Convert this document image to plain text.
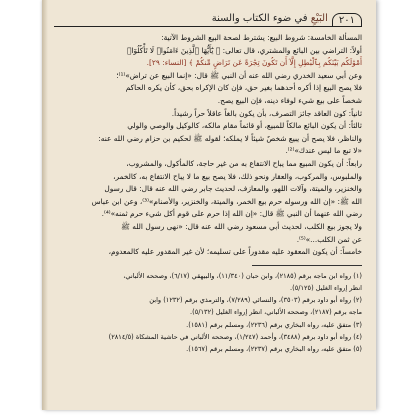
٢٠١
البَيْعِ في ضوء الكتاب والسنة

المسألة الخامسة: شروط البيع: يشترط لصحة البيع الشروط الآتية:

أولاً: التراضي بين البائع والمشتري، قال تعالى: ﴿ يَٰٓأَيُّهَا ٱلَّذِينَ ءَامَنُوا۟ لَا تَأْكُلُوٓا۟

أَمْوَٰلَكُم بَيْنَكُم بِٱلْبَٰطِلِ إِلَّآ أَن تَكُونَ تِجَٰرَةً عَن تَرَاضٍ مِّنكُمْ ﴾ [النساء: ٢٩].

وعن أبي سعيد الخدري رضي الله عنه أن النبي ﷺ قال: «إنما البيع عن تراض»⁽¹⁾؛

فلا يصح البيع إذا أكره أحدهما بغير حق، فإن كان الإكراه بحق، كأن يكره الحاكم

شخصاً على بيع شيء لوفاء دينه، فإن البيع يصح.

ثانياً: كون العاقد جائز التصرف، بأن يكون بالغاً عاقلاً حراً رشيداً.

ثالثاً: أن يكون البائع مالكاً للمبيع، أو قائماً مقام مالكه، كالوكيل والوصي والولي

والناظر، فلا يصح أن يبيع شخصٌ شيئاً لا يملكه؛ لقوله ﷺ لحكيم بن حزام رضي الله عنه:

«لا تبع ما ليس عندك»⁽²⁾.

رابعاً: أن يكون المبيع مما يباح الانتفاع به من غير حاجة، كالمأكول، والمشروب،

والملبوس، والمركوب، والعقار ونحو ذلك، فلا يصح بيع ما لا يباح الانتفاع به، كالخمر،

والخنزير، والميتة، وآلات اللهو، والمعازف، لحديث جابر رضي الله عنه قال: قال رسول

الله ﷺ: «إن الله ورسوله حرم بيع الخمر، والميتة، والخنزير، والأصنام»⁽³⁾، وعن ابن عباس

رضي الله عنهما أن النبي ﷺ قال: «إن الله إذا حرم على قوم أكل شيء حرم ثمنه»⁽⁴⁾.

ولا يجوز بيع الكلب، لحديث أبي مسعود رضي الله عنه قال: «نهى رسول الله ﷺ

عن ثمن الكلب...»⁽⁵⁾.

خامساً: أن يكون المعقود عليه مقدوراً على تسليمه؛ لأن غير المقدور عليه كالمعدوم،

(١) رواه ابن ماجه برقم (٢١٨٥)، وابن حبان (١١/٣٤٠)، والبيهقي (٦/١٧)، وصححه الألباني،

انظر إرواء الغليل (٥/١٢٥).

(٢) رواه أبو داود برقم (٣٥٠٣)، والنسائي (٧/٢٨٩)، والترمذي برقم (١٢٣٢) وابن

ماجه برقم (٢١٨٧)، وصححه الألباني، انظر إرواء الغليل (٥/١٣٢).

(٣) متفق عليه، رواه البخاري برقم (٢٢٣٦)، ومسلم برقم (١٥٨١).

(٤) رواه أبو داود برقم (٣٤٨٨)، وأحمد (١/٢٤٧)، وصححه الألباني في حاشية المشكاة (٢٨١٤/٥)

(٥) متفق عليه، رواه البخاري برقم (٢٢٣٧)، ومسلم برقم (١٥٦٧).
